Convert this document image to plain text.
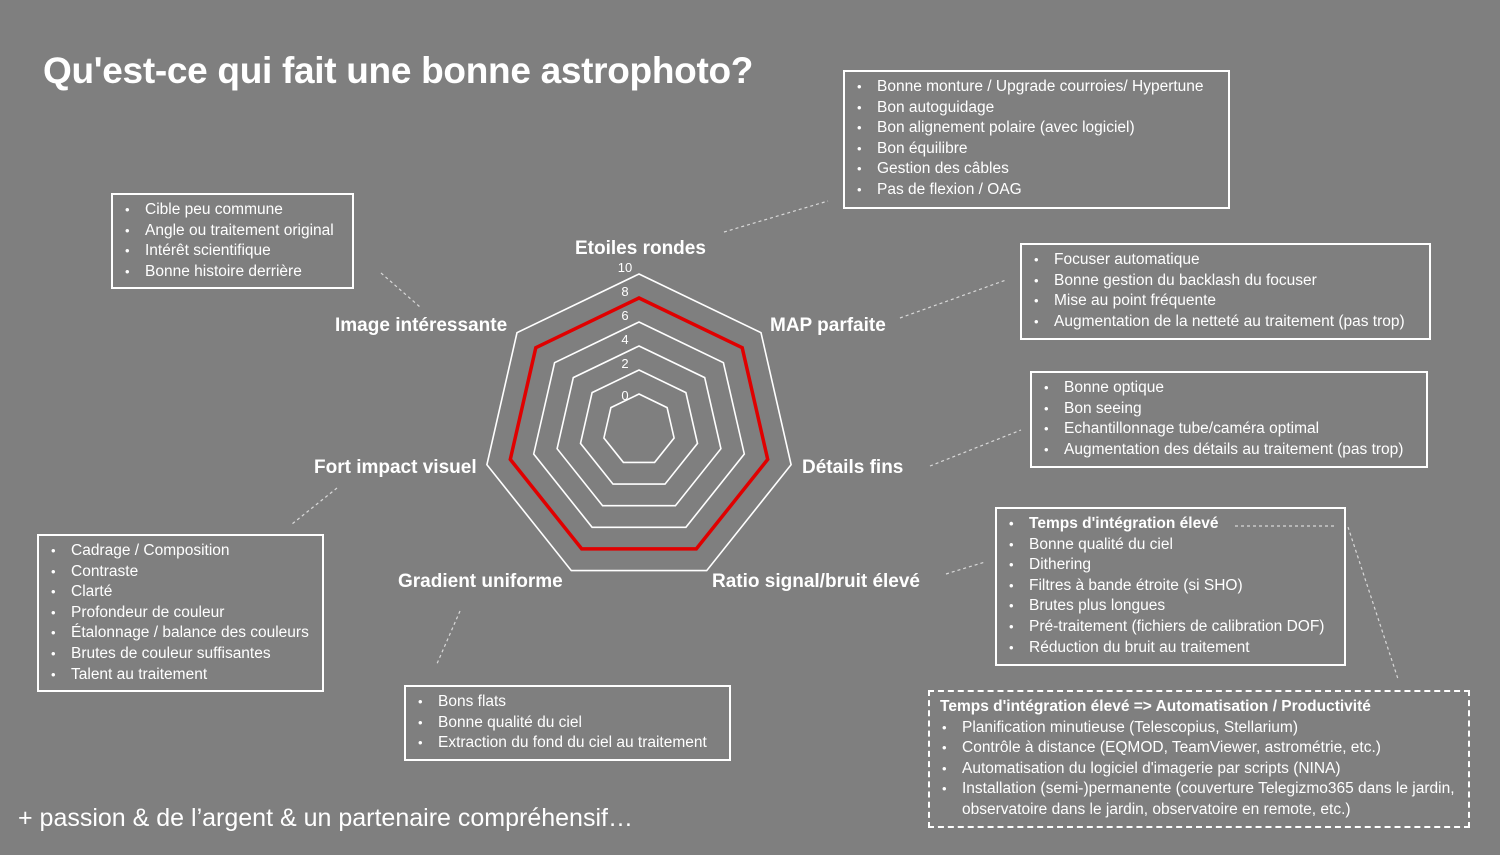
Qu'est-ce qui fait une bonne astrophoto?
0
2
4
6
8
10
Etoiles rondes
MAP parfaite
Détails fins
Ratio signal/bruit élevé
Gradient uniforme
Fort impact visuel
Image intéressante
• Bonne monture / Upgrade courroies/ Hypertune
• Bon autoguidage
• Bon alignement polaire (avec logiciel)
• Bon équilibre
• Gestion des câbles
• Pas de flexion / OAG
• Focuser automatique
• Bonne gestion du backlash du focuser
• Mise au point fréquente
• Augmentation de la netteté au traitement (pas trop)
• Bonne optique
• Bon seeing
• Echantillonnage tube/caméra optimal
• Augmentation des détails au traitement (pas trop)
• Temps d'intégration élevé
• Bonne qualité du ciel
• Dithering
• Filtres à bande étroite (si SHO)
• Brutes plus longues
• Pré-traitement (fichiers de calibration DOF)
• Réduction du bruit au traitement
• Bons flats
• Bonne qualité du ciel
• Extraction du fond du ciel au traitement
• Cadrage / Composition
• Contraste
• Clarté
• Profondeur de couleur
• Étalonnage / balance des couleurs
• Brutes de couleur suffisantes
• Talent au traitement
• Cible peu commune
• Angle ou traitement original
• Intérêt scientifique
• Bonne histoire derrière
Temps d'intégration élevé => Automatisation / Productivité
• Planification minutieuse (Telescopius, Stellarium)
• Contrôle à distance (EQMOD, TeamViewer, astrométrie, etc.)
• Automatisation du logiciel d'imagerie par scripts (NINA)
• Installation (semi-)permanente (couverture Telegizmo365 dans le jardin, observatoire dans le jardin, observatoire en remote, etc.)
+ passion & de l’argent & un partenaire compréhensif…
